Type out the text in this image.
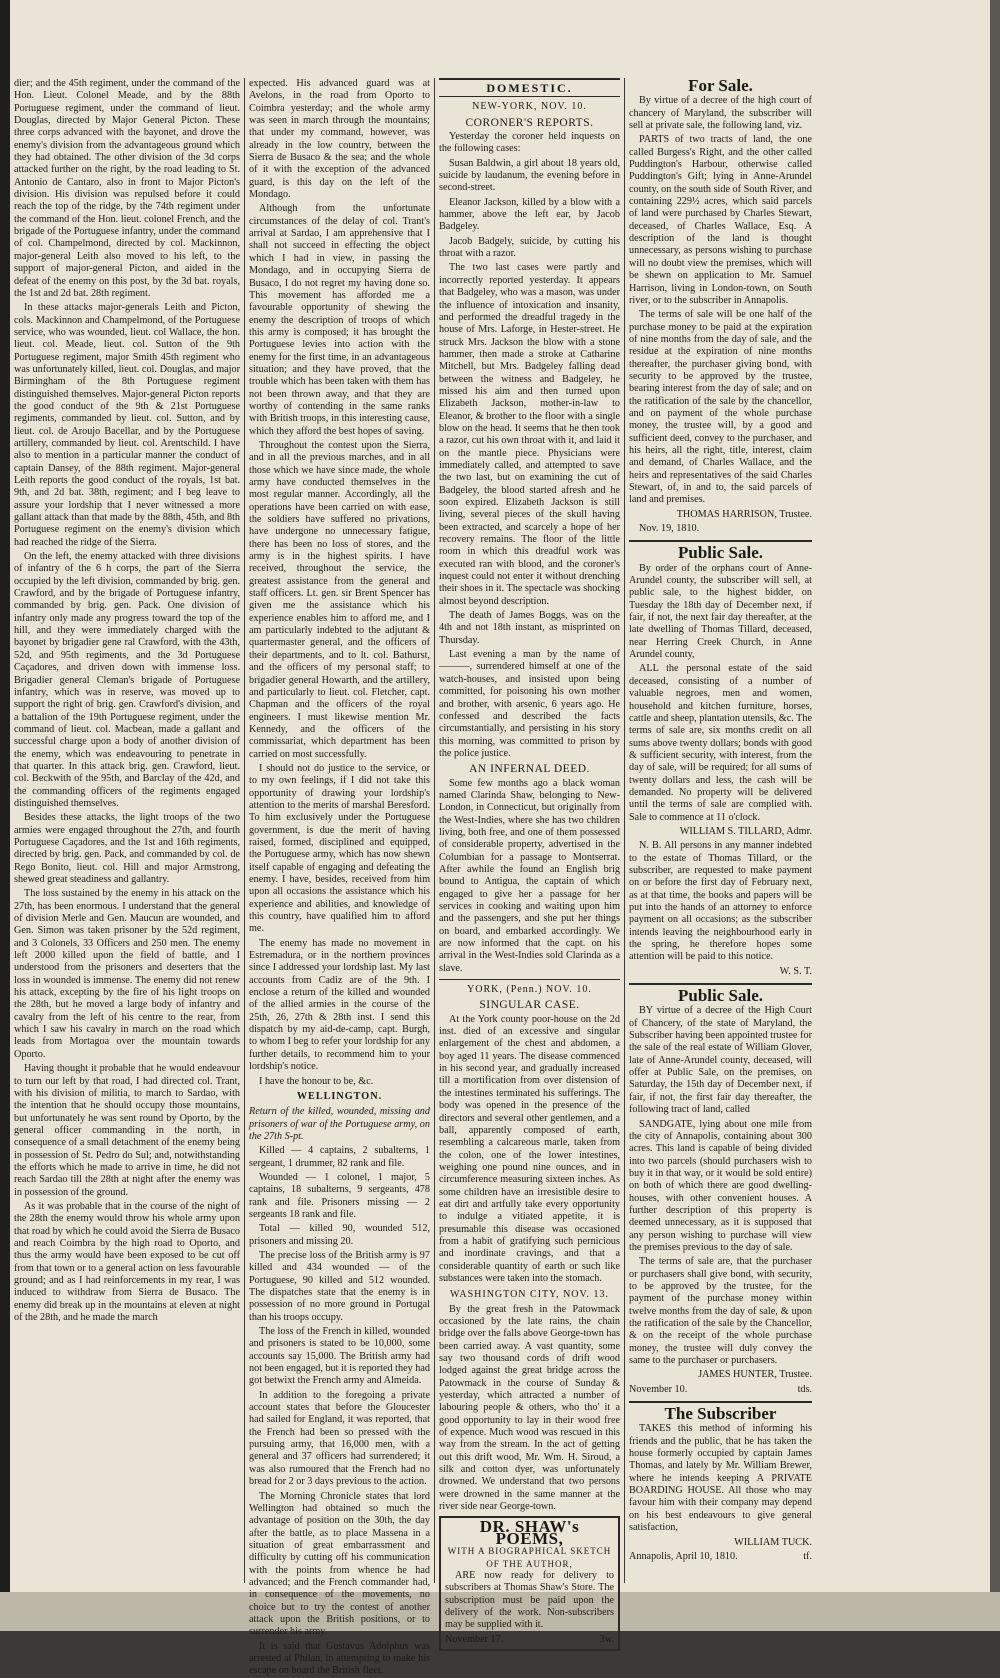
dier; and the 45th regiment, under the command of the Hon. Lieut. Colonel Meade, and by the 88th Portuguese regiment, under the command of lieut. Douglas, directed by Major General Picton. These three corps advanced with the bayonet, and drove the enemy's division from the advantageous ground which they had obtained. The other division of the 3d corps attacked further on the right, by the road leading to St. Antonio de Cantaro, also in front to Major Picton's division. His division was repulsed before it could reach the top of the ridge, by the 74th regiment under the command of the Hon. lieut. colonel French, and the brigade of the Portuguese infantry, under the command of col. Champelmond, directed by col. Mackinnon, major-general Leith also moved to his left, to the support of major-general Picton, and aided in the defeat of the enemy on this post, by the 3d bat. royals, the 1st and 2d bat. 28th regiment.

In these attacks major-generals Leith and Picton, cols. Mackinnon and Champelmond, of the Portuguese service, who was wounded, lieut. col Wallace, the hon. lieut. col. Meade, lieut. col. Sutton of the 9th Portuguese regiment, major Smith 45th regiment who was unfortunately killed, lieut. col. Douglas, and major Birmingham of the 8th Portuguese regiment distinguished themselves. Major-general Picton reports the good conduct of the 9th & 21st Portuguese regiments, commanded by lieut. col. Sutton, and by lieut. col. de Aroujo Bacellar, and by the Portuguese artillery, commanded by lieut. col. Arentschild. I have also to mention in a particular manner the conduct of captain Dansey, of the 88th regiment. Major-general Leith reports the good conduct of the royals, 1st bat. 9th, and 2d bat. 38th, regiment; and I beg leave to assure your lordship that I never witnessed a more gallant attack than that made by the 88th, 45th, and 8th Portuguese regiment on the enemy's division which had reached the ridge of the Sierra.

On the left, the enemy attacked with three divisions of infantry of the 6 h corps, the part of the Sierra occupied by the left division, commanded by brig. gen. Crawford, and by the brigade of Portuguese infantry, commanded by brig. gen. Pack. One division of infantry only made any progress toward the top of the hill, and they were immediately charged with the bayonet by brigadier gene ral Crawford, with the 43th, 52d, and 95th regiments, and the 3d Portuguese Caçadores, and driven down with immense loss. Brigadier general Cleman's brigade of Portuguese infantry, which was in reserve, was moved up to support the right of brig. gen. Crawford's division, and a battalion of the 19th Portuguese regiment, under the command of lieut. col. Macbean, made a gallant and successful charge upon a body of another division of the enemy, which was endeavouring to penetrate in that quarter. In this attack brig. gen. Crawford, lieut. col. Beckwith of the 95th, and Barclay of the 42d, and the commanding officers of the regiments engaged distinguished themselves.

Besides these attacks, the light troops of the two armies were engaged throughout the 27th, and fourth Portuguese Caçadores, and the 1st and 16th regiments, directed by brig. gen. Pack, and commanded by col. de Rego Bonito, lieut. col. Hill and major Armstrong, shewed great steadiness and gallantry.

The loss sustained by the enemy in his attack on the 27th, has been enormous. I understand that the general of division Merle and Gen. Maucun are wounded, and Gen. Simon was taken prisoner by the 52d regiment, and 3 Colonels, 33 Officers and 250 men. The enemy left 2000 killed upon the field of battle, and I understood from the prisoners and deserters that the loss in wounded is immense. The enemy did not renew his attack, excepting by the fire of his light troops on the 28th, but he moved a large body of infantry and cavalry from the left of his centre to the rear, from which I saw his cavalry in march on the road which leads from Mortagoa over the mountain towards Oporto.

Having thought it probable that he would endeavour to turn our left by that road, I had directed col. Trant, with his division of militia, to march to Sardao, with the intention that he should occupy those mountains, but unfortunately he was sent round by Oporto, by the general officer commanding in the north, in consequence of a small detachment of the enemy being in possession of St. Pedro do Sul; and, notwithstanding the efforts which he made to arrive in time, he did not reach Sardao till the 28th at night after the enemy was in possession of the ground.

As it was probable that in the course of the night of the 28th the enemy would throw his whole army upon that road by which he could avoid the Sierra de Busaco and reach Coimbra by the high road to Oporto, and thus the army would have been exposed to be cut off from that town or to a general action on less favourable ground; and as I had reinforcements in my rear, I was induced to withdraw from Sierra de Busaco. The enemy did break up in the mountains at eleven at night of the 28th, and he made the march

expected. His advanced guard was at Avelons, in the road from Oporto to Coimbra yesterday; and the whole army was seen in march through the mountains; that under my command, however, was already in the low country, between the Sierra de Busaco & the sea; and the whole of it with the exception of the advanced guard, is this day on the left of the Mondago.

Although from the unfortunate circumstances of the delay of col. Trant's arrival at Sardao, I am apprehensive that I shall not succeed in effecting the object which I had in view, in passing the Mondago, and in occupying Sierra de Busaco, I do not regret my having done so. This movement has afforded me a favourable opportunity of shewing the enemy the description of troops of which this army is composed; it has brought the Portuguese levies into action with the enemy for the first time, in an advantageous situation; and they have proved, that the trouble which has been taken with them has not been thrown away, and that they are worthy of contending in the same ranks with British troops, in this interesting cause, which they afford the best hopes of saving.

Throughout the contest upon the Sierra, and in all the previous marches, and in all those which we have since made, the whole army have conducted themselves in the most regular manner. Accordingly, all the operations have been carried on with ease, the soldiers have suffered no privations, have undergone no unnecessary fatigue, there has been no loss of stores, and the army is in the highest spirits. I have received, throughout the service, the greatest assistance from the general and staff officers. Lt. gen. sir Brent Spencer has given me the assistance which his experience enables him to afford me, and I am particularly indebted to the adjutant & quartermaster general, and the officers of their departments, and to lt. col. Bathurst, and the officers of my personal staff; to brigadier general Howarth, and the artillery, and particularly to lieut. col. Fletcher, capt. Chapman and the officers of the royal engineers. I must likewise mention Mr. Kennedy, and the officers of the commissariat, which department has been carried on most successfully.

I should not do justice to the service, or to my own feelings, if I did not take this opportunity of drawing your lordship's attention to the merits of marshal Beresford. To him exclusively under the Portuguese government, is due the merit of having raised, formed, disciplined and equipped, the Portuguese army, which has now shewn itself capable of engaging and defeating the enemy. I have, besides, received from him upon all occasions the assistance which his experience and abilities, and knowledge of this country, have qualified him to afford me.

The enemy has made no movement in Estremadura, or in the northern provinces since I addressed your lordship last. My last accounts from Cadiz are of the 9th. I enclose a return of the killed and wounded of the allied armies in the course of the 25th, 26, 27th & 28th inst. I send this dispatch by my aid-de-camp, capt. Burgh, to whom I beg to refer your lordship for any further details, to recommend him to your lordship's notice.

I have the honour to be, &c.

WELLINGTON.

Return of the killed, wounded, missing and prisoners of war of the Portuguese army, on the 27th S-pt.

Killed — 4 captains, 2 subalterns, 1 sergeant, 1 drummer, 82 rank and file.

Wounded — 1 colonel, 1 major, 5 captains, 18 subalterns, 9 sergeants, 478 rank and file. Prisoners missing — 2 sergeants 18 rank and file.

Total — killed 90, wounded 512, prisoners and missing 20.

The precise loss of the British army is 97 killed and 434 wounded — of the Portuguese, 90 killed and 512 wounded. The dispatches state that the enemy is in possession of no more ground in Portugal than his troops occupy.

The loss of the French in killed, wounded and prisoners is stated to be 10,000, some accounts say 15,000. The British army had not been engaged, but it is reported they had got betwixt the French army and Almeida.

In addition to the foregoing a private account states that before the Gloucester had sailed for England, it was reported, that the French had been so pressed with the pursuing army, that 16,000 men, with a general and 37 officers had surrendered; it was also rumoured that the French had no bread for 2 or 3 days previous to the action.

The Morning Chronicle states that lord Wellington had obtained so much the advantage of position on the 30th, the day after the battle, as to place Massena in a situation of great embarrassment and difficulty by cutting off his communication with the points from whence he had advanced; and the French commander had, in consequence of the movements, no choice but to try the contest of another attack upon the British positions, or to surrender his army.

It is said that Gustavus Adolphus was arrested at Philan, in attempting to make his escape on board the British fleet.

DOMESTIC.
NEW-YORK, NOV. 10.
CORONER'S REPORTS.

Yesterday the coroner held inquests on the following cases:

Susan Baldwin, a girl about 18 years old, suicide by laudanum, the evening before in second-street.

Eleanor Jackson, killed by a blow with a hammer, above the left ear, by Jacob Badgeley.

Jacob Badgely, suicide, by cutting his throat with a razor.

The two last cases were partly and incorrectly reported yesterday. It appears that Badgeley, who was a mason, was under the influence of intoxication and insanity, and performed the dreadful tragedy in the house of Mrs. Laforge, in Hester-street. He struck Mrs. Jackson the blow with a stone hammer, then made a stroke at Catharine Mitchell, but Mrs. Badgeley falling dead between the witness and Badgeley, he missed his aim and then turned upon Elizabeth Jackson, mother-in-law to Eleanor, & brother to the floor with a single blow on the head. It seems that he then took a razor, cut his own throat with it, and laid it on the mantle piece. Physicians were immediately called, and attempted to save the two last, but on examining the cut of Badgeley, the blood started afresh and he soon expired. Elizabeth Jackson is still living, several pieces of the skull having been extracted, and scarcely a hope of her recovery remains. The floor of the little room in which this dreadful work was executed ran with blood, and the coroner's inquest could not enter it without drenching their shoes in it. The spectacle was shocking almost beyond description.

The death of James Boggs, was on the 4th and not 18th instant, as misprinted on Thursday.

Last evening a man by the name of ———, surrendered himself at one of the watch-houses, and insisted upon being committed, for poisoning his own mother and brother, with arsenic, 6 years ago. He confessed and described the facts circumstantially, and persisting in his story this morning, was committed to prison by the police justice.

AN INFERNAL DEED.

Some few months ago a black woman named Clarinda Shaw, belonging to New-London, in Connecticut, but originally from the West-Indies, where she has two children living, both free, and one of them possessed of considerable property, advertised in the Columbian for a passage to Montserrat. After awhile the found an English brig bound to Antigua, the captain of which engaged to give her a passage for her services in cooking and waiting upon him and the passengers, and she put her things on board, and embarked accordingly. We are now informed that the capt. on his arrival in the West-Indies sold Clarinda as a slave.

YORK, (Penn.) NOV. 10.
SINGULAR CASE.

At the York county poor-house on the 2d inst. died of an excessive and singular enlargement of the chest and abdomen, a boy aged 11 years. The disease commenced in his second year, and gradually increased till a mortification from over distension of the intestines terminated his sufferings. The body was opened in the presence of the directors and several other gentlemen, and a ball, apparently composed of earth, resembling a calcareous marle, taken from the colon, one of the lower intestines, weighing one pound nine ounces, and in circumference measuring sixteen inches. As some children have an irresistible desire to eat dirt and artfully take every opportunity to indulge a vitiated appetite, it is presumable this disease was occasioned from a habit of gratifying such pernicious and inordinate cravings, and that a considerable quantity of earth or such like substances were taken into the stomach.

WASHINGTON CITY, NOV. 13.

By the great fresh in the Patowmack occasioned by the late rains, the chain bridge over the falls above George-town has been carried away. A vast quantity, some say two thousand cords of drift wood lodged against the great bridge across the Patowmack in the course of Sunday & yesterday, which attracted a number of labouring people & others, who tho' it a good opportunity to lay in their wood free of expence. Much wood was rescued in this way from the stream. In the act of getting out this drift wood, Mr. Wm. H. Siroud, a silk and cotton dyer, was unfortunately drowned. We understand that two persons were drowned in the same manner at the river side near George-town.

DR. SHAW's POEMS,
WITH A BIOGRAPHICAL SKETCH OF THE AUTHOR,

ARE now ready for delivery to subscribers at Thomas Shaw's Store. The subscription must be paid upon the delivery of the work. Non-subscribers may be supplied with it.

November 17.	3w.
For Sale.

By virtue of a decree of the high court of chancery of Maryland, the subscriber will sell at private sale, the following land, viz.

PARTS of two tracts of land, the one called Burgess's Right, and the other called Puddington's Harbour, otherwise called Puddington's Gift; lying in Anne-Arundel county, on the south side of South River, and containing 229½ acres, which said parcels of land were purchased by Charles Stewart, deceased, of Charles Wallace, Esq. A description of the land is thought unnecessary, as persons wishing to purchase will no doubt view the premises, which will be shewn on application to Mr. Samuel Harrison, living in London-town, on South river, or to the subscriber in Annapolis.

The terms of sale will be one half of the purchase money to be paid at the expiration of nine months from the day of sale, and the residue at the expiration of nine months thereafter, the purchaser giving bond, with security to be approved by the trustee, bearing interest from the day of sale; and on the ratification of the sale by the chancellor, and on payment of the whole purchase money, the trustee will, by a good and sufficient deed, convey to the purchaser, and his heirs, all the right, title, interest, claim and demand, of Charles Wallace, and the heirs and representatives of the said Charles Stewart, of, in and to, the said parcels of land and premises.

THOMAS HARRISON, Trustee.

Nov. 19, 1810.

Public Sale.

By order of the orphans court of Anne-Arundel county, the subscriber will sell, at public sale, to the highest bidder, on Tuesday the 18th day of December next, if fair, if not, the next fair day thereafter, at the late dwelling of Thomas Tillard, deceased, near Herring Creek Church, in Anne Arundel county,

ALL the personal estate of the said deceased, consisting of a number of valuable negroes, men and women, household and kitchen furniture, horses, cattle and sheep, plantation utensils, &c. The terms of sale are, six months credit on all sums above twenty dollars; bonds with good & sufficient security, with interest, from the day of sale, will be required; for all sums of twenty dollars and less, the cash will be demanded. No property will be delivered until the terms of sale are complied with. Sale to commence at 11 o'clock.

WILLIAM S. TILLARD, Admr.

N. B. All persons in any manner indebted to the estate of Thomas Tillard, or the subscriber, are requested to make payment on or before the first day of February next, as at that time, the books and papers will be put into the hands of an attorney to enforce payment on all occasions; as the subscriber intends leaving the neighbourhood early in the spring, he therefore hopes some attention will be paid to this notice.

W. S. T.

Public Sale.

BY virtue of a decree of the High Court of Chancery, of the state of Maryland, the Subscriber having been appointed trustee for the sale of the real estate of William Glover, late of Anne-Arundel county, deceased, will offer at Public Sale, on the premises, on Saturday, the 15th day of December next, if fair, if not, the first fair day thereafter, the following tract of land, called

SANDGATE, lying about one mile from the city of Annapolis, containing about 300 acres. This land is capable of being divided into two parcels (should purchasers wish to buy it in that way, or it would be sold entire) on both of which there are good dwelling-houses, with other convenient houses. A further description of this property is deemed unnecessary, as it is supposed that any person wishing to purchase will view the premises previous to the day of sale.

The terms of sale are, that the purchaser or purchasers shall give bond, with security, to be approved by the trustee, for the payment of the purchase money within twelve months from the day of sale, & upon the ratification of the sale by the Chancellor, & on the receipt of the whole purchase money, the trustee will duly convey the same to the purchaser or purchasers.

JAMES HUNTER, Trustee.

November 10.	tds.
The Subscriber

TAKES this method of informing his friends and the public, that he has taken the house formerly occupied by captain James Thomas, and lately by Mr. William Brewer, where he intends keeping A PRIVATE BOARDING HOUSE. All those who may favour him with their company may depend on his best endeavours to give general satisfaction,

WILLIAM TUCK.

Annapolis, April 10, 1810.	tf.
